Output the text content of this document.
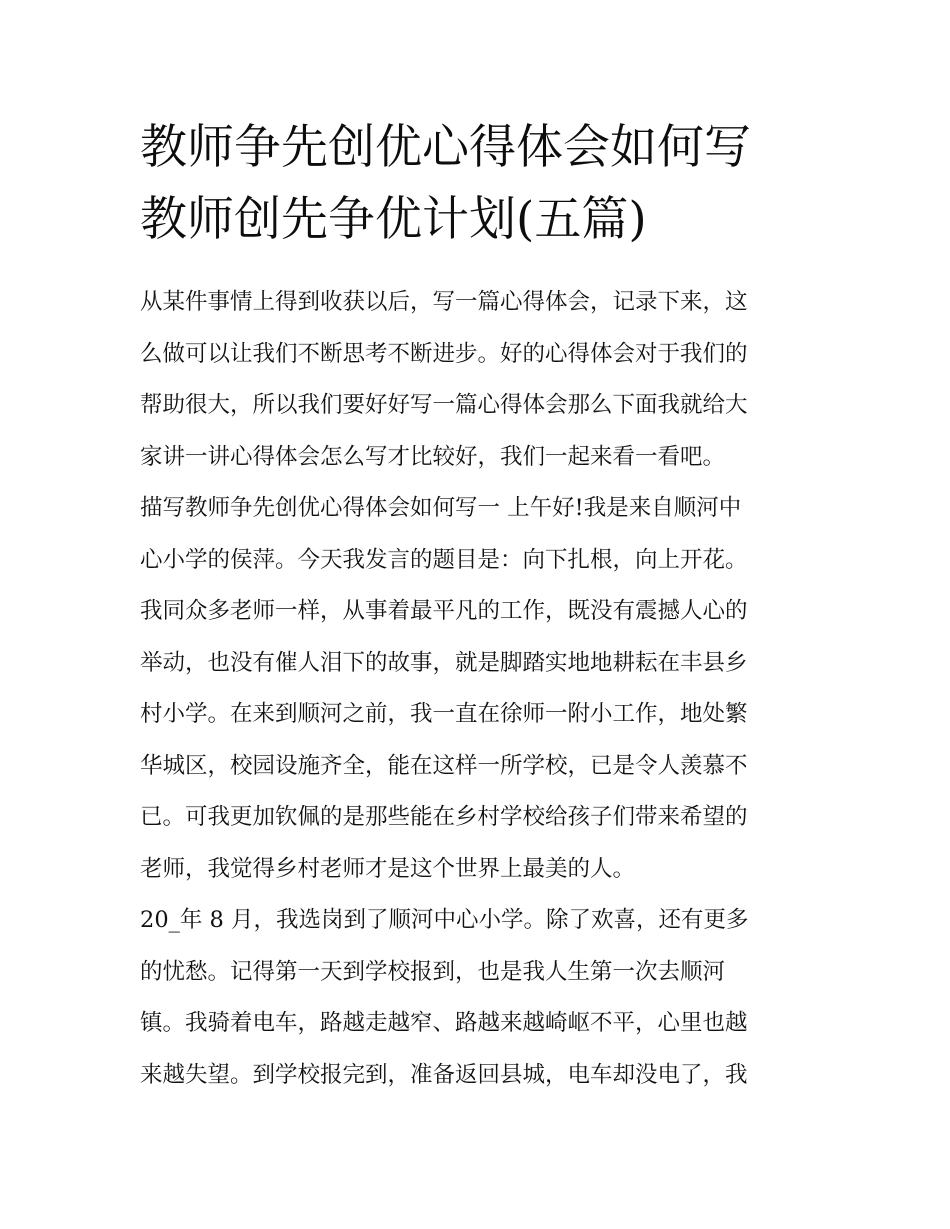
教师争先创优心得体会如何写
教师创先争优计划(五篇)
从某件事情上得到收获以后，写一篇心得体会，记录下来，这
么做可以让我们不断思考不断进步。好的心得体会对于我们的
帮助很大，所以我们要好好写一篇心得体会那么下面我就给大
家讲一讲心得体会怎么写才比较好，我们一起来看一看吧。
描写教师争先创优心得体会如何写一 上午好!我是来自顺河中
心小学的侯萍。今天我发言的题目是：向下扎根，向上开花。
我同众多老师一样，从事着最平凡的工作，既没有震撼人心的
举动，也没有催人泪下的故事，就是脚踏实地地耕耘在丰县乡
村小学。在来到顺河之前，我一直在徐师一附小工作，地处繁
华城区，校园设施齐全，能在这样一所学校，已是令人羡慕不
已。可我更加钦佩的是那些能在乡村学校给孩子们带来希望的
老师，我觉得乡村老师才是这个世界上最美的人。
20_年 8 月，我选岗到了顺河中心小学。除了欢喜，还有更多
的忧愁。记得第一天到学校报到，也是我人生第一次去顺河
镇。我骑着电车，路越走越窄、路越来越崎岖不平，心里也越
来越失望。到学校报完到，准备返回县城，电车却没电了，我
